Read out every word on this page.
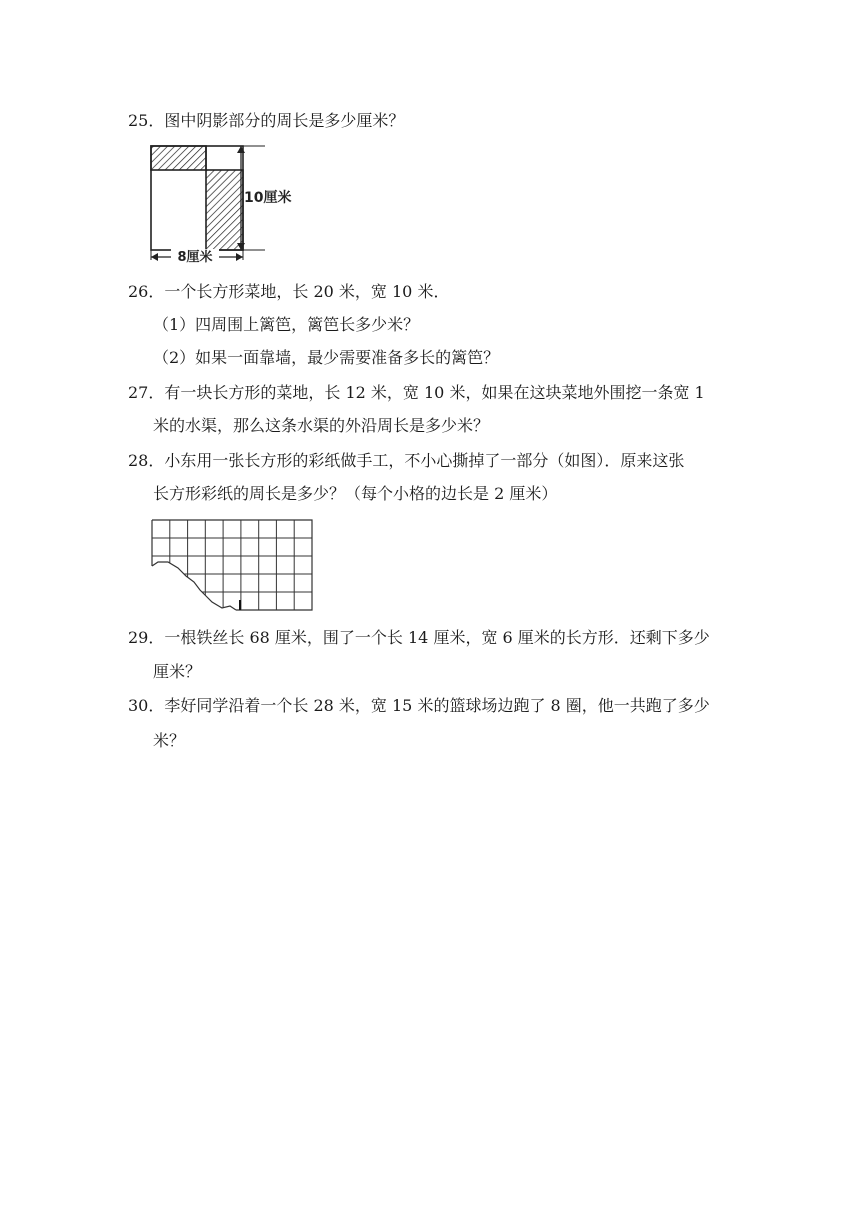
25．图中阴影部分的周长是多少厘米？
8厘米
10厘米
26．一个长方形菜地，长 20 米，宽 10 米．
（1）四周围上篱笆，篱笆长多少米？
（2）如果一面靠墙，最少需要准备多长的篱笆？
27．有一块长方形的菜地，长 12 米，宽 10 米，如果在这块菜地外围挖一条宽 1
米的水渠，那么这条水渠的外沿周长是多少米？
28．小东用一张长方形的彩纸做手工，不小心撕掉了一部分（如图）．原来这张
长方形彩纸的周长是多少？（每个小格的边长是 2 厘米）
29．一根铁丝长 68 厘米，围了一个长 14 厘米，宽 6 厘米的长方形．还剩下多少
厘米？
30．李好同学沿着一个长 28 米，宽 15 米的篮球场边跑了 8 圈，他一共跑了多少
米？
